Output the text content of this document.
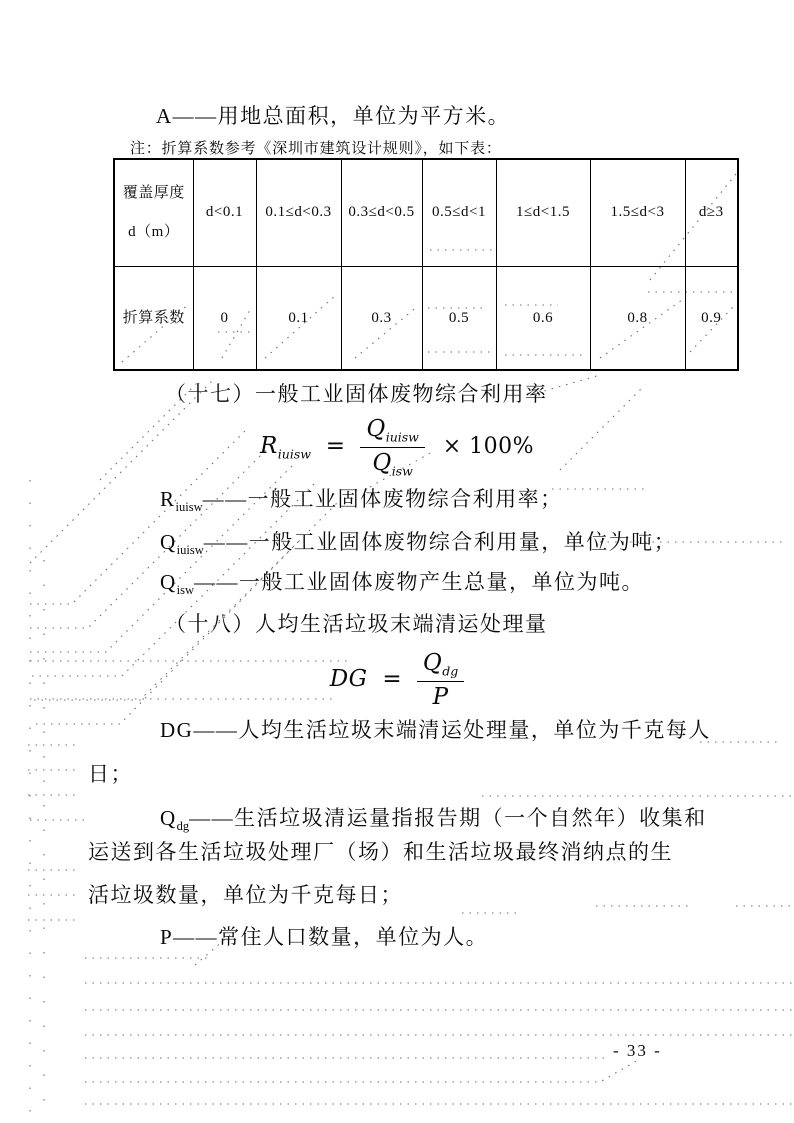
A——用地总面积，单位为平方米。
注：折算系数参考《深圳市建筑设计规则》，如下表：
覆盖厚度 d（m）	d<0.1	0.1≤d<0.3	0.3≤d<0.5	0.5≤d<1	1≤d<1.5	1.5≤d<3	d≥3
折算系数	0	0.1	0.3	0.5	0.6	0.8	0.9
（十七）一般工业固体废物综合利用率
$R_{iuisw} = \frac{Q_{iuisw}}{Q_{isw}} \times 100\%$
$R_{iuisw}——$一般工业固体废物综合利用率；
$Q_{iuisw}——$一般工业固体废物综合利用量，单位为吨；
$Q_{isw}——$一般工业固体废物产生总量，单位为吨。
（十八）人均生活垃圾末端清运处理量
DG = $\frac{Q_{dg}}{P}$
DG——人均生活垃圾末端清运处理量，单位为千克每人
日；
$Q_{dg}——$生活垃圾清运量指报告期（一个自然年）收集和
运送到各生活垃圾处理厂（场）和生活垃圾最终消纳点的生
活垃圾数量，单位为千克每日；
P——常住人口数量，单位为人。
- 33 -
